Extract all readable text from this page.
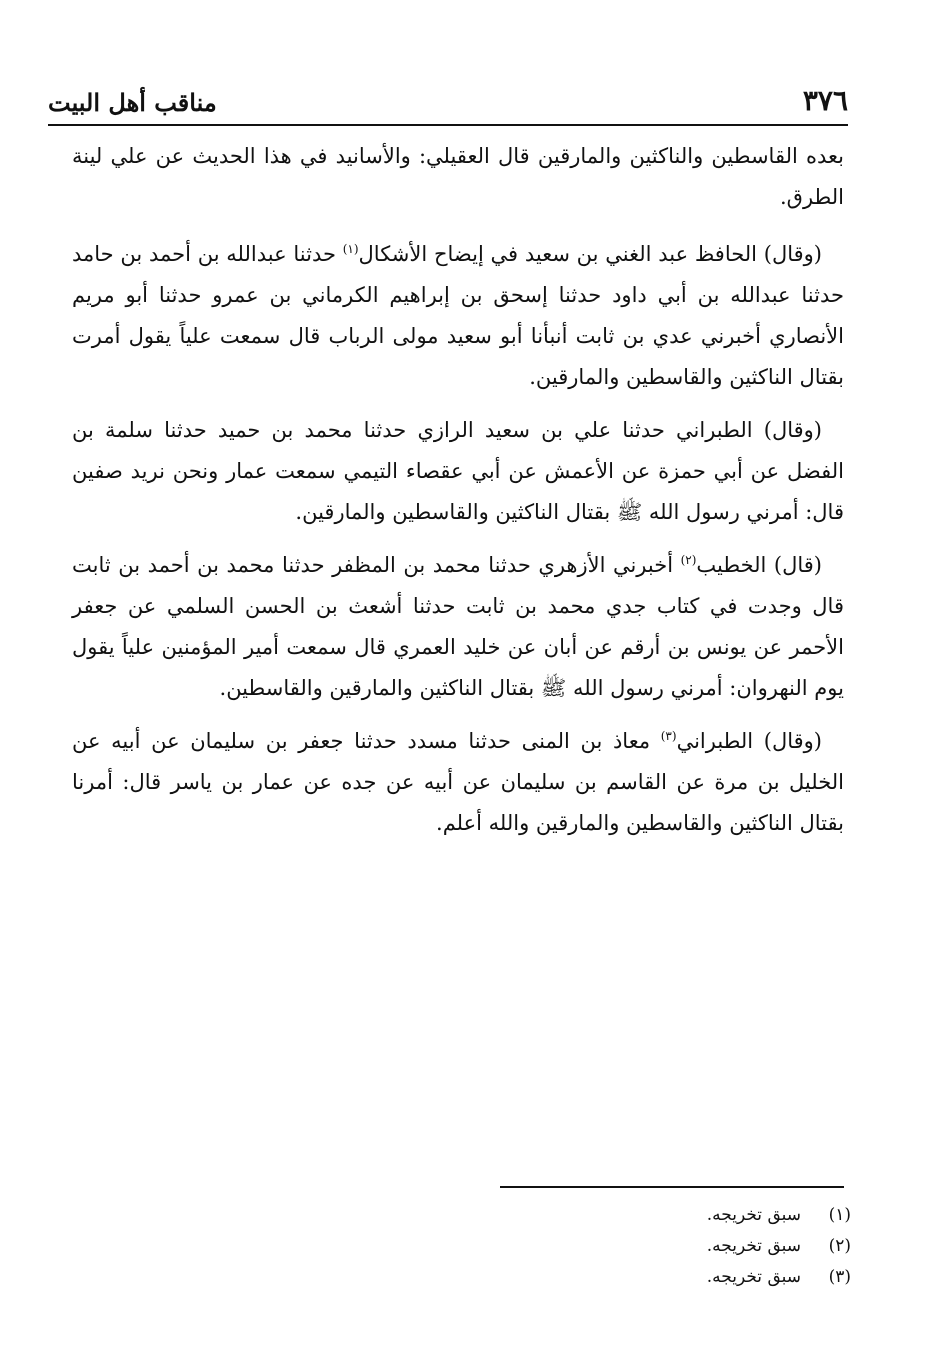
٣٧٦
مناقب أهل البيت

بعده القاسطين والناكثين والمارقين قال العقيلي: والأسانيد في هذا الحديث عن علي لينة الطرق.

(وقال) الحافظ عبد الغني بن سعيد في إيضاح الأشكال$^{(١)}$ حدثنا عبدالله بن أحمد بن حامد حدثنا عبدالله بن أبي داود حدثنا إسحق بن إبراهيم الكرماني بن عمرو حدثنا أبو مريم الأنصاري أخبرني عدي بن ثابت أنبأنا أبو سعيد مولى الرباب قال سمعت علياً يقول أمرت بقتال الناكثين والقاسطين والمارقين.

(وقال) الطبراني حدثنا علي بن سعيد الرازي حدثنا محمد بن حميد حدثنا سلمة بن الفضل عن أبي حمزة عن الأعمش عن أبي عقصاء التيمي سمعت عمار ونحن نريد صفين قال: أمرني رسول الله ﷺ بقتال الناكثين والقاسطين والمارقين.

(قال) الخطيب$^{(٢)}$ أخبرني الأزهري حدثنا محمد بن المظفر حدثنا محمد بن أحمد بن ثابت قال وجدت في كتاب جدي محمد بن ثابت حدثنا أشعث بن الحسن السلمي عن جعفر الأحمر عن يونس بن أرقم عن أبان عن خليد العمري قال سمعت أمير المؤمنين علياً يقول يوم النهروان: أمرني رسول الله ﷺ بقتال الناكثين والمارقين والقاسطين.

(وقال) الطبراني$^{(٣)}$ معاذ بن المنى حدثنا مسدد حدثنا جعفر بن سليمان عن أبيه عن الخليل بن مرة عن القاسم بن سليمان عن أبيه عن جده عن عمار بن ياسر قال: أمرنا بقتال الناكثين والقاسطين والمارقين والله أعلم.

(١)
سبق تخريجه.
(٢)
سبق تخريجه.
(٣)
سبق تخريجه.
